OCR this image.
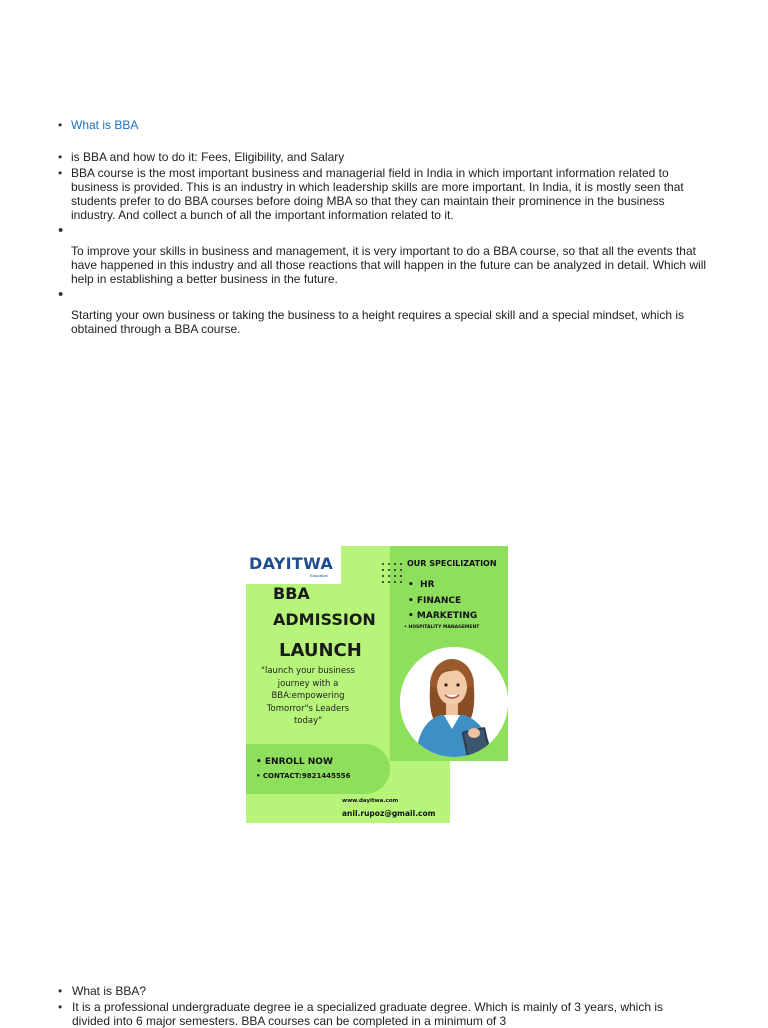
• What is BBA
• is BBA and how to do it: Fees, Eligibility, and Salary
• BBA course is the most important business and managerial field in India in which important information related to business is provided. This is an industry in which leadership skills are more important. In India, it is mostly seen that students prefer to do BBA courses before doing MBA so that they can maintain their prominence in the business industry. And collect a bunch of all the important information related to it.
•
To improve your skills in business and management, it is very important to do a BBA course, so that all the events that have happened in this industry and all those reactions that will happen in the future can be analyzed in detail. Which will help in establishing a better business in the future.
•
Starting your own business or taking the business to a height requires a special skill and a special mindset, which is obtained through a BBA course.
DAYITWA
Education
BBA
ADMISSION
LAUNCH
"launch your business journey with a BBA:empowering Tomorror"s Leaders today"
• ENROLL NOW
• CONTACT:9821445556
www.dayitwa.com
anil.rupoz@gmail.com
OUR SPECILIZATION
• HR
• FINANCE
• MARKETING
• HOSPITALITY MANAGEMENT
• What is BBA?
• It is a professional undergraduate degree ie a specialized graduate degree. Which is mainly of 3 years, which is divided into 6 major semesters. BBA courses can be completed in a minimum of 3
